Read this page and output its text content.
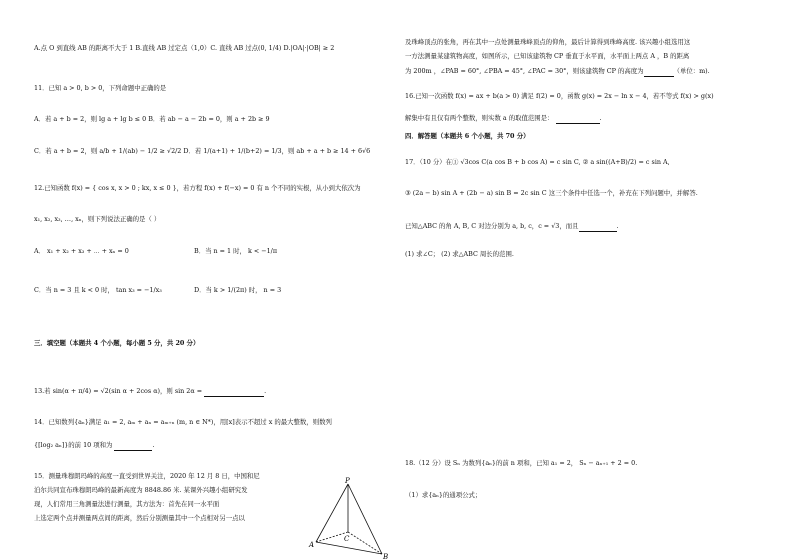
A.点 O 到直线 AB 的距离不大于 1 B.直线 AB 过定点（1,0）C. 直线 AB 过点(0, 1/4) D.|OA|·|OB| ≥ 2
11．已知 a > 0, b > 0，下列命题中正确的是
A．若 a + b = 2，则 lg a + lg b ≤ 0 B．若 ab − a − 2b = 0，则 a + 2b ≥ 9
C．若 a + b = 2，则 a/b + 1/(ab) − 1/2 ≥ √2/2 D．若 1/(a+1) + 1/(b+2) = 1/3，则 ab + a + b ≥ 14 + 6√6
12.已知函数 f(x) = { cos x, x > 0 ; kx, x ≤ 0 }，若方程 f(x) + f(−x) = 0 有 n 个不同的实根，从小到大依次为
x₁, x₂, x₃, …, xₙ，则下列说法正确的是（ ）
A． x₁ + x₂ + x₃ + ⋯ + xₙ = 0	B．当 n = 1 时， k < −1/π
C．当 n = 3 且 k < 0 时， tan x₃ = −1/x₃	D．当 k > 1/(2π) 时， n = 3
三．填空题（本题共 4 个小题，每小题 5 分，共 20 分）
13.若 sin(α + π/4) = √2(sin α + 2cos α)，则 sin 2α =	.
14．已知数列{aₙ}满足 a₁ = 2, aₘ + aₙ = aₘ₊ₙ (m, n ∈ N*)，用[x]表示不超过 x 的最大整数，则数列
{[log₂ aₙ]}的前 10 项和为	.
15．测量珠穆朗玛峰的高度一直受到世界关注，2020 年 12 月 8 日，中国和尼
泊尔共同宣布珠穆朗玛峰的最新高度为 8848.86 米. 某课外兴趣小组研究发
现，人们常用三角测量法进行测量，其方法为：首先在同一水平面
上选定两个点并测量两点间的距离，然后分别测量其中一个点相对另一点以
P
A
B
C
及珠峰顶点的张角，再在其中一点处测量珠峰顶点的仰角，最后计算得到珠峰高度. 该兴趣小组选用这
一方法测量某建筑物高度，如图所示，已知该建筑物 CP 垂直于水平面，水平面上两点 A ，B 的距离
为 200m ，∠PAB = 60°, ∠PBA = 45°, ∠PAC = 30°，则该建筑物 CP 的高度为	（单位：m).
16.已知一次函数 f(x) = ax + b(a > 0) 满足 f(2) = 0，函数 g(x) = 2x − ln x − 4，若不等式 f(x) > g(x)
解集中有且仅有两个整数，则实数 a 的取值范围是：	.
四．解答题（本题共 6 个小题，共 70 分）
17．（10 分）在① √3cos C(a cos B + b cos A) = c sin C, ② a sin((A+B)/2) = c sin A,
③ (2a − b) sin A + (2b − a) sin B = 2c sin C 这三个条件中任选一个，补充在下列问题中，并解答.
已知△ABC 的角 A, B, C 对边分别为 a, b, c，c = √3，而且	.
(1) 求∠C； (2) 求△ABC 周长的范围.
18.（12 分）设 Sₙ 为数列{aₙ}的前 n 项和，已知 a₁ = 2， Sₙ − aₙ₊₁ + 2 = 0.
（1）求{aₙ}的通项公式；
